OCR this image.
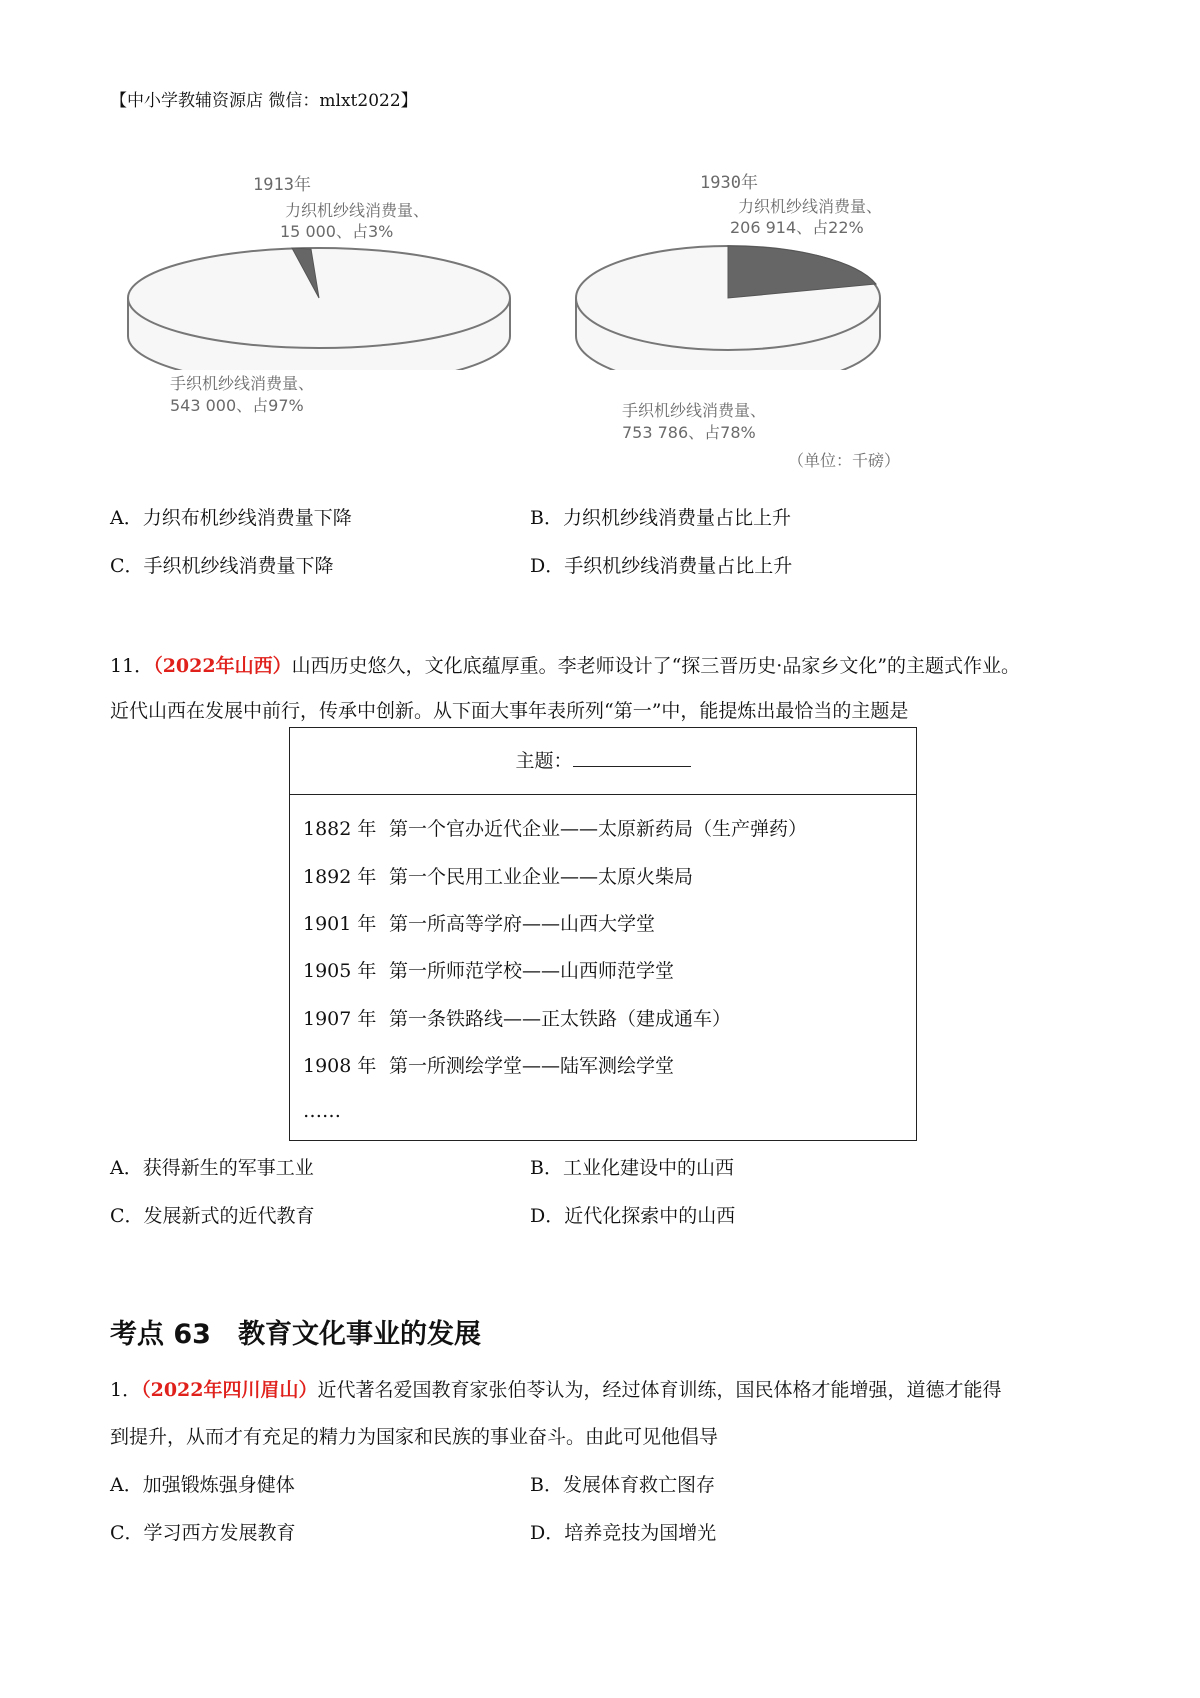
【中小学教辅资源店 微信：mlxt2022】
1913年
力织机纱线消费量、
15 000、占3%
手织机纱线消费量、
543 000、占97%
1930年
力织机纱线消费量、
206 914、占22%
手织机纱线消费量、
753 786、占78%
（单位：千磅）
A．力织布机纱线消费量下降	B．力织机纱线消费量占比上升
C．手织机纱线消费量下降	D．手织机纱线消费量占比上升
11．（2022年山西）山西历史悠久，文化底蕴厚重。李老师设计了“探三晋历史·品家乡文化”的主题式作业。
近代山西在发展中前行，传承中创新。从下面大事年表所列“第一”中，能提炼出最恰当的主题是
主题：
1882 年 第一个官办近代企业——太原新药局（生产弹药）
1892 年 第一个民用工业企业——太原火柴局
1901 年 第一所高等学府——山西大学堂
1905 年 第一所师范学校——山西师范学堂
1907 年 第一条铁路线——正太铁路（建成通车）
1908 年 第一所测绘学堂——陆军测绘学堂
……
A．获得新生的军事工业	B．工业化建设中的山西
C．发展新式的近代教育	D．近代化探索中的山西
考点 63　教育文化事业的发展
1．（2022年四川眉山）近代著名爱国教育家张伯苓认为，经过体育训练，国民体格才能增强，道德才能得
到提升，从而才有充足的精力为国家和民族的事业奋斗。由此可见他倡导
A．加强锻炼强身健体	B．发展体育救亡图存
C．学习西方发展教育	D．培养竞技为国增光
